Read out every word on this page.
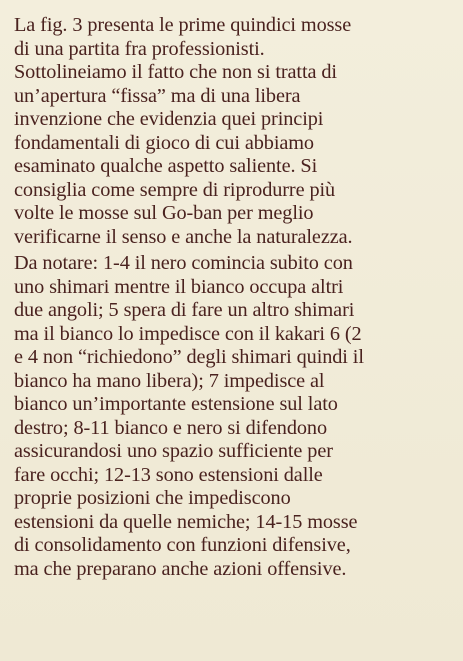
La fig. 3 presenta le prime quindici mosse
di una partita fra professionisti.
Sottolineiamo il fatto che non si tratta di
un’apertura “fissa” ma di una libera
invenzione che evidenzia quei principi
fondamentali di gioco di cui abbiamo
esaminato qualche aspetto saliente. Si
consiglia come sempre di riprodurre più
volte le mosse sul Go-ban per meglio
verificarne il senso e anche la naturalezza.
Da notare: 1-4 il nero comincia subito con
uno shimari mentre il bianco occupa altri
due angoli; 5 spera di fare un altro shimari
ma il bianco lo impedisce con il kakari 6 (2
e 4 non “richiedono” degli shimari quindi il
bianco ha mano libera); 7 impedisce al
bianco un’importante estensione sul lato
destro; 8-11 bianco e nero si difendono
assicurandosi uno spazio sufficiente per
fare occhi; 12-13 sono estensioni dalle
proprie posizioni che impediscono
estensioni da quelle nemiche; 14-15 mosse
di consolidamento con funzioni difensive,
ma che preparano anche azioni offensive.
